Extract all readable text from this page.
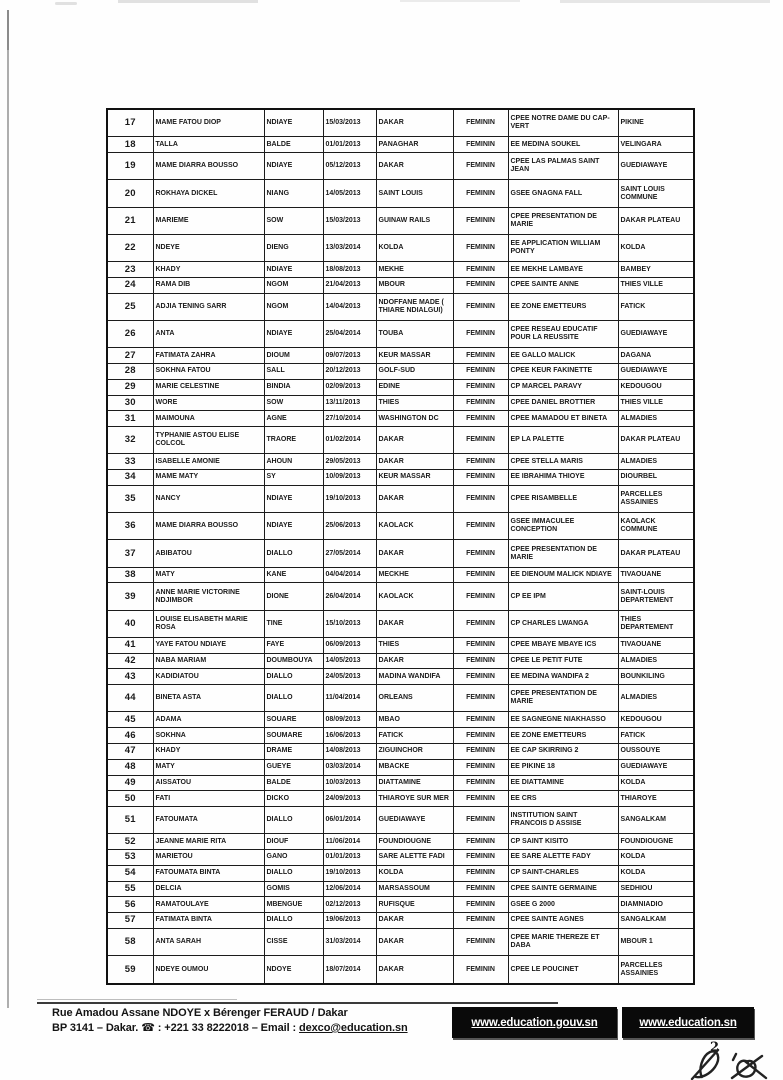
17	MAME FATOU DIOP	NDIAYE	15/03/2013	DAKAR	FEMININ	CPEE NOTRE DAME DU CAP-VERT	PIKINE
18	TALLA	BALDE	01/01/2013	PANAGHAR	FEMININ	EE MEDINA SOUKEL	VELINGARA
19	MAME DIARRA BOUSSO	NDIAYE	05/12/2013	DAKAR	FEMININ	CPEE LAS PALMAS SAINT JEAN	GUEDIAWAYE
20	ROKHAYA DICKEL	NIANG	14/05/2013	SAINT LOUIS	FEMININ	GSEE GNAGNA FALL	SAINT LOUIS COMMUNE
21	MARIEME	SOW	15/03/2013	GUINAW RAILS	FEMININ	CPEE PRESENTATION DE MARIE	DAKAR PLATEAU
22	NDEYE	DIENG	13/03/2014	KOLDA	FEMININ	EE APPLICATION WILLIAM PONTY	KOLDA
23	KHADY	NDIAYE	18/08/2013	MEKHE	FEMININ	EE MEKHE LAMBAYE	BAMBEY
24	RAMA DIB	NGOM	21/04/2013	MBOUR	FEMININ	CPEE SAINTE ANNE	THIES VILLE
25	ADJIA TENING SARR	NGOM	14/04/2013	NDOFFANE MADE ( THIARE NDIALGUI)	FEMININ	EE ZONE EMETTEURS	FATICK
26	ANTA	NDIAYE	25/04/2014	TOUBA	FEMININ	CPEE RESEAU EDUCATIF POUR LA REUSSITE	GUEDIAWAYE
27	FATIMATA ZAHRA	DIOUM	09/07/2013	KEUR MASSAR	FEMININ	EE GALLO MALICK	DAGANA
28	SOKHNA FATOU	SALL	20/12/2013	GOLF-SUD	FEMININ	CPEE KEUR FAKINETTE	GUEDIAWAYE
29	MARIE CELESTINE	BINDIA	02/09/2013	EDINE	FEMININ	CP MARCEL PARAVY	KEDOUGOU
30	WORE	SOW	13/11/2013	THIES	FEMININ	CPEE DANIEL BROTTIER	THIES VILLE
31	MAIMOUNA	AGNE	27/10/2014	WASHINGTON DC	FEMININ	CPEE MAMADOU ET BINETA	ALMADIES
32	TYPHANIE ASTOU ELISE COLCOL	TRAORE	01/02/2014	DAKAR	FEMININ	EP LA PALETTE	DAKAR PLATEAU
33	ISABELLE AMONIE	AHOUN	29/05/2013	DAKAR	FEMININ	CPEE STELLA MARIS	ALMADIES
34	MAME MATY	SY	10/09/2013	KEUR MASSAR	FEMININ	EE IBRAHIMA THIOYE	DIOURBEL
35	NANCY	NDIAYE	19/10/2013	DAKAR	FEMININ	CPEE RISAMBELLE	PARCELLES ASSAINIES
36	MAME DIARRA BOUSSO	NDIAYE	25/06/2013	KAOLACK	FEMININ	GSEE IMMACULEE CONCEPTION	KAOLACK COMMUNE
37	ABIBATOU	DIALLO	27/05/2014	DAKAR	FEMININ	CPEE PRESENTATION DE MARIE	DAKAR PLATEAU
38	MATY	KANE	04/04/2014	MECKHE	FEMININ	EE DIENOUM MALICK NDIAYE	TIVAOUANE
39	ANNE MARIE VICTORINE NDJIMBOR	DIONE	26/04/2014	KAOLACK	FEMININ	CP EE IPM	SAINT-LOUIS DEPARTEMENT
40	LOUISE ELISABETH MARIE ROSA	TINE	15/10/2013	DAKAR	FEMININ	CP CHARLES LWANGA	THIES DEPARTEMENT
41	YAYE FATOU NDIAYE	FAYE	06/09/2013	THIES	FEMININ	CPEE MBAYE MBAYE ICS	TIVAOUANE
42	NABA MARIAM	DOUMBOUYA	14/05/2013	DAKAR	FEMININ	CPEE LE PETIT FUTE	ALMADIES
43	KADIDIATOU	DIALLO	24/05/2013	MADINA WANDIFA	FEMININ	EE MEDINA WANDIFA 2	BOUNKILING
44	BINETA ASTA	DIALLO	11/04/2014	ORLEANS	FEMININ	CPEE PRESENTATION DE MARIE	ALMADIES
45	ADAMA	SOUARE	08/09/2013	MBAO	FEMININ	EE SAGNEGNE NIAKHASSO	KEDOUGOU
46	SOKHNA	SOUMARE	16/06/2013	FATICK	FEMININ	EE ZONE EMETTEURS	FATICK
47	KHADY	DRAME	14/08/2013	ZIGUINCHOR	FEMININ	EE CAP SKIRRING 2	OUSSOUYE
48	MATY	GUEYE	03/03/2014	MBACKE	FEMININ	EE PIKINE 18	GUEDIAWAYE
49	AISSATOU	BALDE	10/03/2013	DIATTAMINE	FEMININ	EE DIATTAMINE	KOLDA
50	FATI	DICKO	24/09/2013	THIAROYE SUR MER	FEMININ	EE CRS	THIAROYE
51	FATOUMATA	DIALLO	06/01/2014	GUEDIAWAYE	FEMININ	INSTITUTION SAINT FRANCOIS D ASSISE	SANGALKAM
52	JEANNE MARIE RITA	DIOUF	11/06/2014	FOUNDIOUGNE	FEMININ	CP SAINT KISITO	FOUNDIOUGNE
53	MARIETOU	GANO	01/01/2013	SARE ALETTE FADI	FEMININ	EE SARE ALETTE FADY	KOLDA
54	FATOUMATA BINTA	DIALLO	19/10/2013	KOLDA	FEMININ	CP SAINT-CHARLES	KOLDA
55	DELCIA	GOMIS	12/06/2014	MARSASSOUM	FEMININ	CPEE SAINTE GERMAINE	SEDHIOU
56	RAMATOULAYE	MBENGUE	02/12/2013	RUFISQUE	FEMININ	GSEE G 2000	DIAMNIADIO
57	FATIMATA BINTA	DIALLO	19/06/2013	DAKAR	FEMININ	CPEE SAINTE AGNES	SANGALKAM
58	ANTA SARAH	CISSE	31/03/2014	DAKAR	FEMININ	CPEE MARIE THEREZE ET DABA	MBOUR 1
59	NDEYE OUMOU	NDOYE	18/07/2014	DAKAR	FEMININ	CPEE LE POUCINET	PARCELLES ASSAINIES
Rue Amadou Assane NDOYE x Bérenger FERAUD / Dakar
BP 3141 – Dakar. ☎ : +221 33 8222018 – Email : dexco@education.sn	www.education.gouv.sn	www.education.sn
2
